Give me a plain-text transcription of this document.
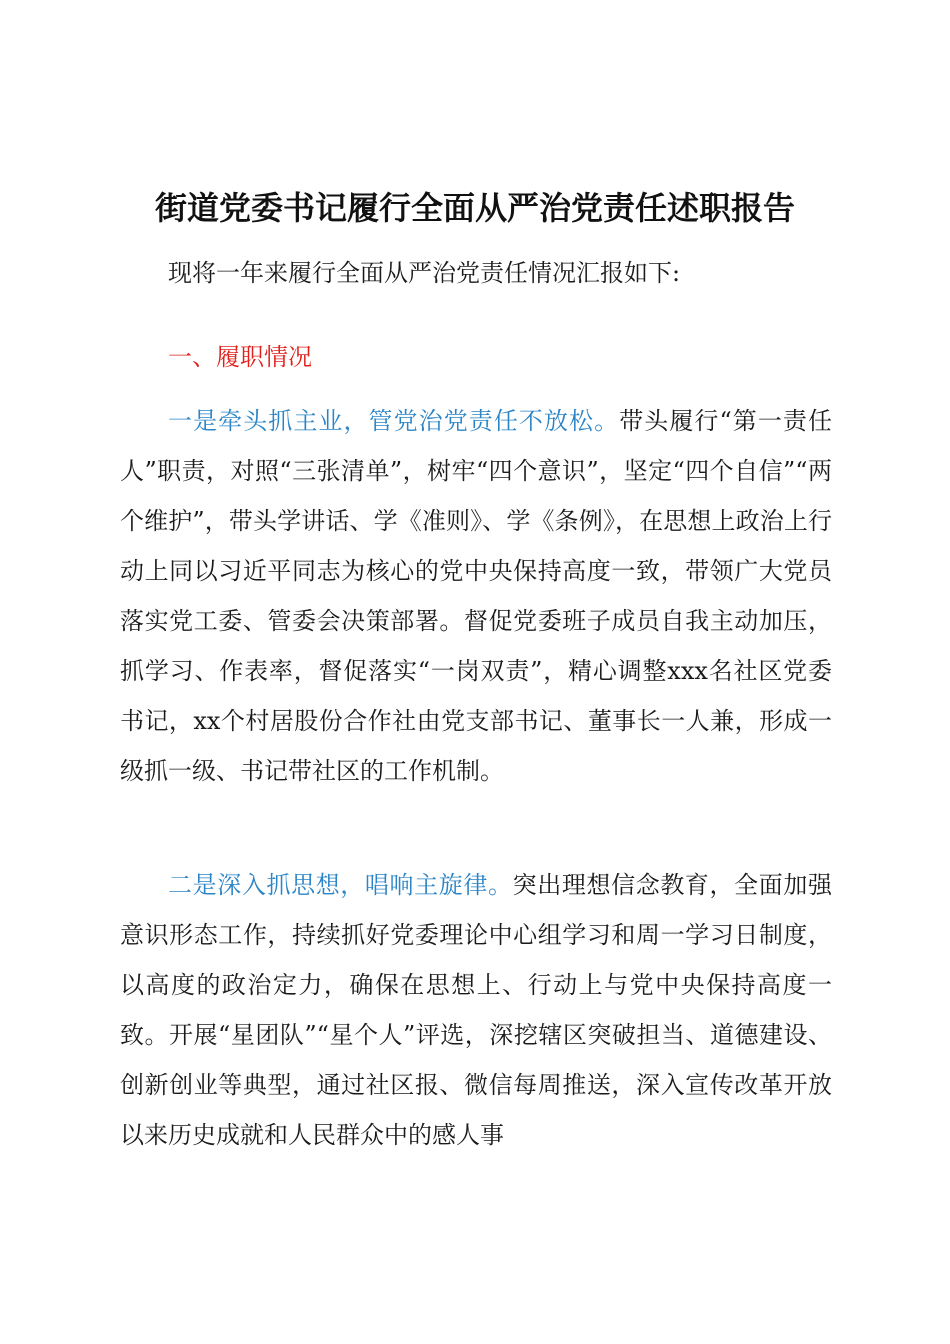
街道党委书记履行全面从严治党责任述职报告

现将一年来履行全面从严治党责任情况汇报如下:

一、履职情况

一是牵头抓主业，管党治党责任不放松。带头履行“第一责任人”职责，对照“三张清单”，树牢“四个意识”，坚定“四个自信”“两个维护”，带头学讲话、学《准则》、学《条例》，在思想上政治上行动上同以习近平同志为核心的党中央保持高度一致，带领广大党员落实党工委、管委会决策部署。督促党委班子成员自我主动加压，抓学习、作表率，督促落实“一岗双责”，精心调整xxx名社区党委书记，xx个村居股份合作社由党支部书记、董事长一人兼，形成一级抓一级、书记带社区的工作机制。

二是深入抓思想，唱响主旋律。突出理想信念教育，全面加强意识形态工作，持续抓好党委理论中心组学习和周一学习日制度，以高度的政治定力，确保在思想上、行动上与党中央保持高度一致。开展“星团队”“星个人”评选，深挖辖区突破担当、道德建设、创新创业等典型，通过社区报、微信每周推送，深入宣传改革开放以来历史成就和人民群众中的感人事
